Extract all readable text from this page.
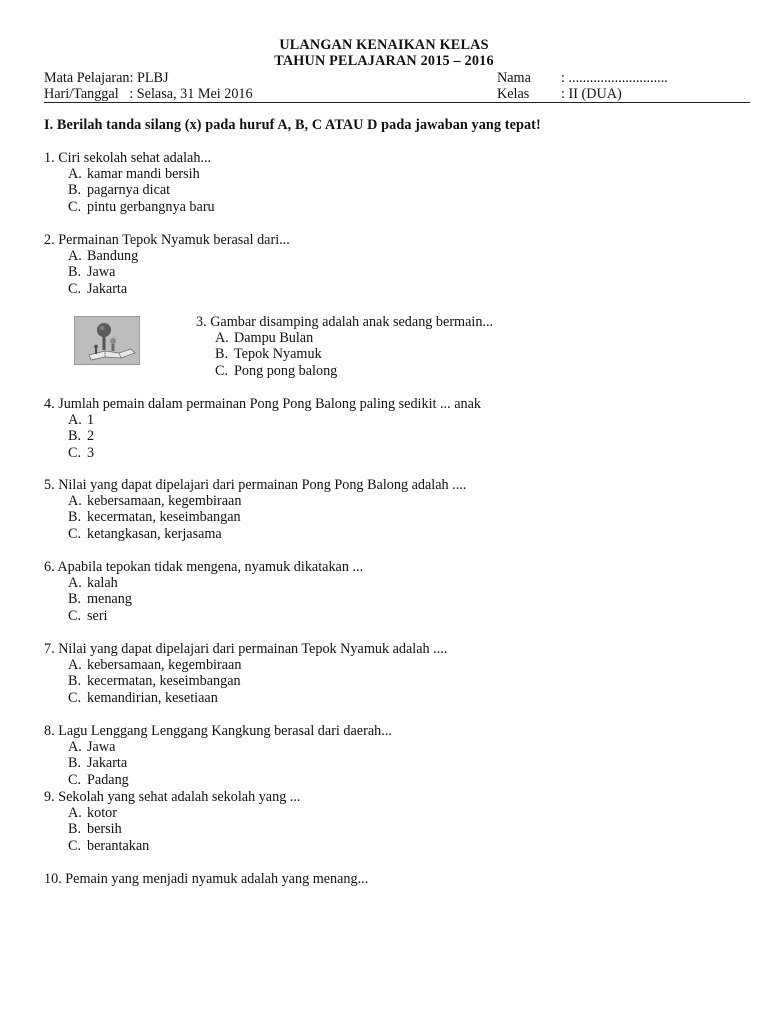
ULANGAN KENAIKAN KELAS
TAHUN PELAJARAN 2015 – 2016
Mata Pelajaran: PLBJ
Hari/Tanggal   : Selasa, 31 Mei 2016
Nama : ............................
Kelas : II (DUA)
I. Berilah tanda silang (x) pada huruf A, B, C ATAU D pada jawaban yang tepat!
1. Ciri sekolah sehat adalah...
A. kamar mandi bersih
B. pagarnya dicat
C. pintu gerbangnya baru
2. Permainan Tepok Nyamuk berasal dari...
A. Bandung
B. Jawa
C. Jakarta
3. Gambar disamping adalah anak sedang bermain...
A. Dampu Bulan
B. Tepok Nyamuk
C. Pong pong balong
4. Jumlah pemain dalam permainan Pong Pong Balong paling sedikit ... anak
A. 1
B. 2
C. 3
5. Nilai yang dapat dipelajari dari permainan Pong Pong Balong adalah ....
A. kebersamaan, kegembiraan
B. kecermatan, keseimbangan
C. ketangkasan, kerjasama
6. Apabila tepokan tidak mengena, nyamuk dikatakan ...
A. kalah
B. menang
C. seri
7. Nilai yang dapat dipelajari dari permainan Tepok Nyamuk adalah ....
A. kebersamaan, kegembiraan
B. kecermatan, keseimbangan
C. kemandirian, kesetiaan
8. Lagu Lenggang Lenggang Kangkung berasal dari daerah...
A. Jawa
B. Jakarta
C. Padang
9. Sekolah yang sehat adalah sekolah yang ...
A. kotor
B. bersih
C. berantakan
10. Pemain yang menjadi nyamuk adalah yang menang...
